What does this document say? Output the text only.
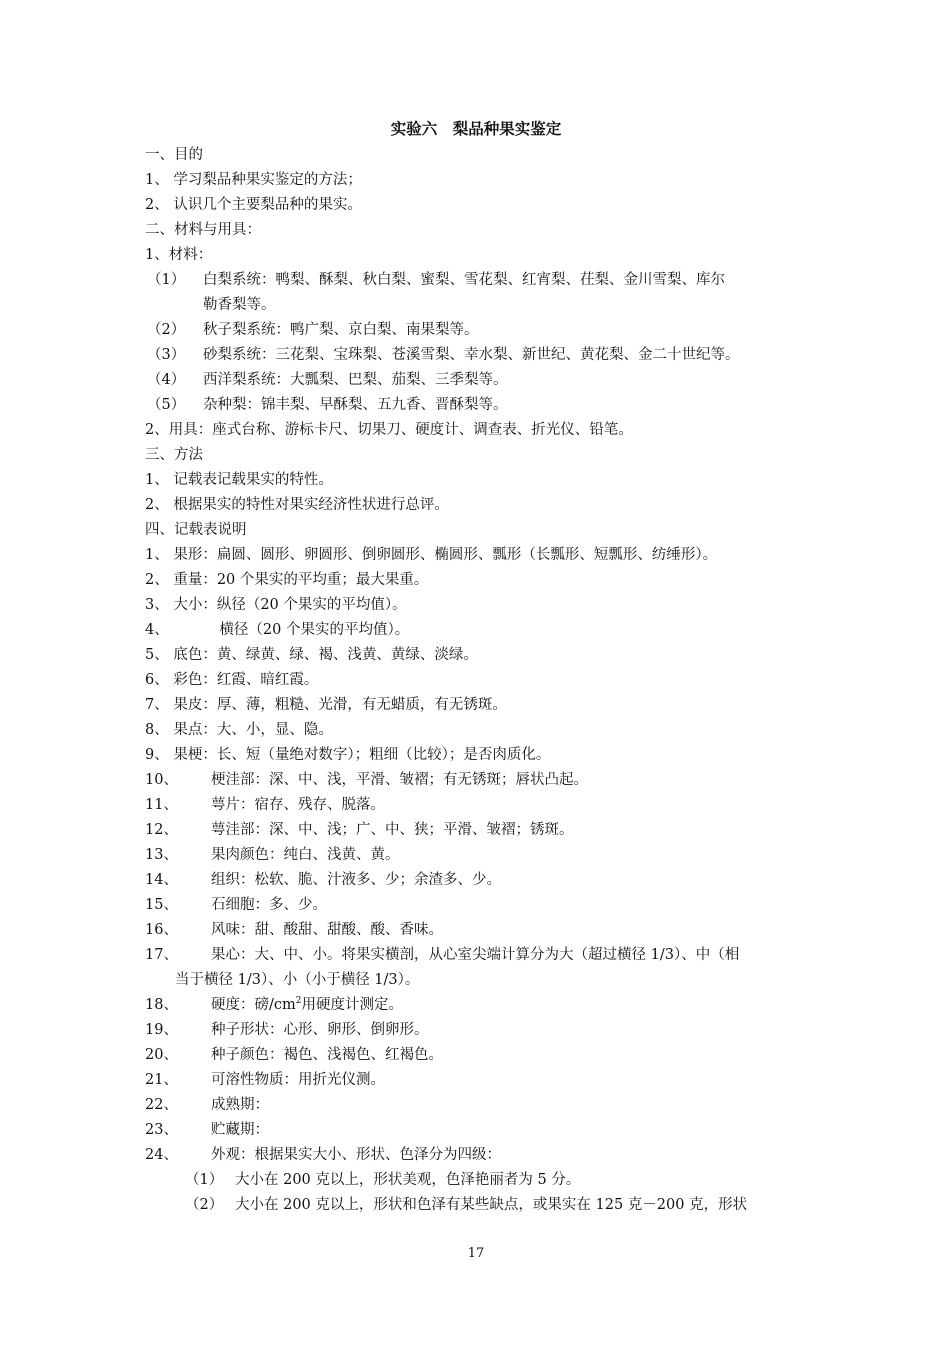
实验六　梨品种果实鉴定
一、目的
1、 学习梨品种果实鉴定的方法；
2、 认识几个主要梨品种的果实。
二、材料与用具：
1、材料：
（1） 白梨系统：鸭梨、酥梨、秋白梨、蜜梨、雪花梨、红宵梨、茌梨、金川雪梨、库尔
勒香梨等。
（2） 秋子梨系统：鸭广梨、京白梨、南果梨等。
（3） 砂梨系统：三花梨、宝珠梨、苍溪雪梨、幸水梨、新世纪、黄花梨、金二十世纪等。
（4） 西洋梨系统：大瓢梨、巴梨、茄梨、三季梨等。
（5） 杂种梨：锦丰梨、早酥梨、五九香、晋酥梨等。
2、用具：座式台称、游标卡尺、切果刀、硬度计、调查表、折光仪、铅笔。
三、方法
1、 记载表记载果实的特性。
2、 根据果实的特性对果实经济性状进行总评。
四、记载表说明
1、 果形：扁圆、圆形、卵圆形、倒卵圆形、椭圆形、瓢形（长瓢形、短瓢形、纺缍形）。
2、 重量：20 个果实的平均重；最大果重。
3、 大小：纵径（20 个果实的平均值）。
4、           横径（20 个果实的平均值）。
5、 底色：黄、绿黄、绿、褐、浅黄、黄绿、淡绿。
6、 彩色：红霞、暗红霞。
7、 果皮：厚、薄，粗糙、光滑，有无蜡质，有无锈斑。
8、 果点：大、小，显、隐。
9、 果梗：长、短（量绝对数字）；粗细（比较）；是否肉质化。
10、 梗洼部：深、中、浅，平滑、皱褶；有无锈斑；唇状凸起。
11、 萼片：宿存、残存、脱落。
12、 萼洼部：深、中、浅；广、中、狭；平滑、皱褶；锈斑。
13、 果肉颜色：纯白、浅黄、黄。
14、 组织：松软、脆、汁液多、少；余渣多、少。
15、 石细胞：多、少。
16、 风味：甜、酸甜、甜酸、酸、香味。
17、 果心：大、中、小。将果实横剖，从心室尖端计算分为大（超过横径 1/3）、中（相
当于横径 1/3）、小（小于横径 1/3）。
18、 硬度：磅$/cm^2$用硬度计测定。
19、 种子形状：心形、卵形、倒卵形。
20、 种子颜色：褐色、浅褐色、红褐色。
21、 可溶性物质：用折光仪测。
22、 成熟期：
23、 贮藏期：
24、 外观：根据果实大小、形状、色泽分为四级：
（1） 大小在 200 克以上，形状美观，色泽艳丽者为 5 分。
（2） 大小在 200 克以上，形状和色泽有某些缺点，或果实在 125 克－200 克，形状
17
